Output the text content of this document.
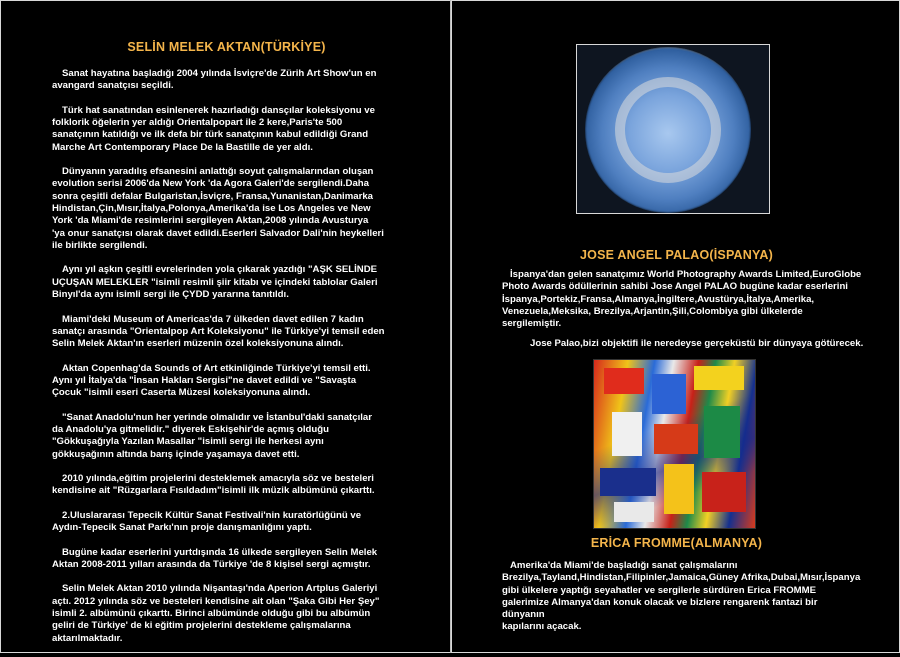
SELİN MELEK AKTAN(TÜRKİYE)

Sanat hayatına başladığı 2004 yılında İsviçre'de Zürih Art Show'un en
avangard sanatçısı seçildi.

Türk hat sanatından esinlenerek hazırladığı dansçılar koleksiyonu ve
folklorik öğelerin yer aldığı Orientalpopart ile 2 kere,Paris'te 500
sanatçının katıldığı ve ilk defa bir türk sanatçının kabul edildiği Grand
Marche Art Contemporary Place De la Bastille de yer aldı.

Dünyanın yaradılış efsanesini anlattığı soyut çalışmalarından oluşan
evolution serisi 2006'da New York 'da Agora Galeri'de sergilendi.Daha
sonra çeşitli defalar Bulgaristan,İsviçre, Fransa,Yunanistan,Danimarka
Hindistan,Çin,Mısır,İtalya,Polonya,Amerika'da ise Los Angeles ve New
York 'da Miami'de resimlerini sergileyen Aktan,2008 yılında Avusturya
'ya onur sanatçısı olarak davet edildi.Eserleri Salvador Dali'nin heykelleri
ile birlikte sergilendi.

Aynı yıl aşkın çeşitli evrelerinden yola çıkarak yazdığı "AŞK SELİNDE
UÇUŞAN MELEKLER "isimli resimli şiir kitabı ve içindeki tablolar Galeri
Binyıl'da aynı isimli sergi ile ÇYDD yararına tanıtıldı.

Miami'deki Museum of Americas'da 7 ülkeden davet edilen 7 kadın
sanatçı arasında "Orientalpop Art Koleksiyonu" ile Türkiye'yi temsil eden
Selin Melek Aktan'ın eserleri müzenin özel koleksiyonuna alındı.

Aktan Copenhag'da Sounds of Art etkinliğinde Türkiye'yi temsil etti.
Aynı yıl İtalya'da "İnsan Hakları Sergisi"ne davet edildi ve "Savaşta
Çocuk "isimli eseri Caserta Müzesi koleksiyonuna alındı.

"Sanat Anadolu'nun her yerinde olmalıdır ve İstanbul'daki sanatçılar
da Anadolu'ya gitmelidir." diyerek Eskişehir'de açmış olduğu
"Gökkuşağıyla Yazılan Masallar "isimli sergi ile herkesi aynı
gökkuşağının altında barış içinde yaşamaya davet etti.

2010 yılında,eğitim projelerini desteklemek amacıyla söz ve besteleri
kendisine ait "Rüzgarlara Fısıldadım"isimli ilk müzik albümünü çıkarttı.

2.Uluslararası Tepecik Kültür Sanat Festivali'nin kuratörlüğünü ve
Aydın-Tepecik Sanat Parkı'nın proje danışmanlığını yaptı.

Bugüne kadar eserlerini yurtdışında 16 ülkede sergileyen Selin Melek
Aktan 2008-2011 yılları arasında da Türkiye 'de 8 kişisel sergi açmıştır.

Selin Melek Aktan 2010 yılında Nişantaşı'nda Aperion Artplus Galeriyi
açtı. 2012 yılında söz ve besteleri kendisine ait olan "Şaka Gibi Her Şey"
isimli 2. albümünü çıkarttı. Birinci albümünde olduğu gibi bu albümün
geliri de Türkiye' de ki eğitim projelerini destekleme çalışmalarına
aktarılmaktadır.

JOSE ANGEL PALAO(İSPANYA)

İspanya'dan gelen sanatçımız World Photography Awards Limited,EuroGlobe
Photo Awards ödüllerinin sahibi Jose Angel PALAO bugüne kadar eserlerini
İspanya,Portekiz,Fransa,Almanya,İngiltere,Avustürya,İtalya,Amerika,
Venezuela,Meksika, Brezilya,Arjantin,Şili,Colombiya gibi ülkelerde
sergilemiştir.

Jose Palao,bizi objektifi ile neredeyse gerçeküstü bir dünyaya götürecek.

ERİCA FROMME(ALMANYA)

Amerika'da Miami'de başladığı sanat çalışmalarını
Brezilya,Tayland,Hindistan,Filipinler,Jamaica,Güney Afrika,Dubai,Mısır,İspanya
gibi ülkelere yaptığı seyahatler ve sergilerle sürdüren Erica FROMME
galerimize Almanya'dan konuk olacak ve bizlere rengarenk fantazi bir dünyanın
kapılarını açacak.
